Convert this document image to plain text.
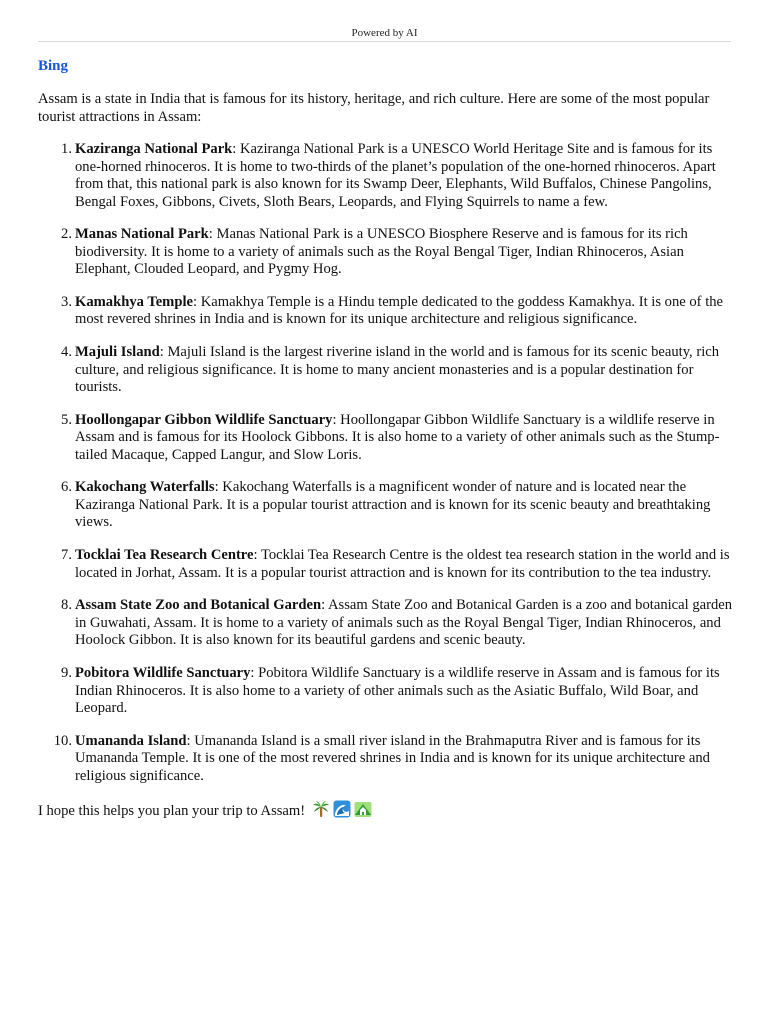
Powered by AI
Bing

Assam is a state in India that is famous for its history, heritage, and rich culture. Here are some of the most popular tourist attractions in Assam:

1. Kaziranga National Park: Kaziranga National Park is a UNESCO World Heritage Site and is famous for its one-horned rhinoceros. It is home to two-thirds of the planet’s population of the one-horned rhinoceros. Apart from that, this national park is also known for its Swamp Deer, Elephants, Wild Buffalos, Chinese Pangolins, Bengal Foxes, Gibbons, Civets, Sloth Bears, Leopards, and Flying Squirrels to name a few.
2. Manas National Park: Manas National Park is a UNESCO Biosphere Reserve and is famous for its rich biodiversity. It is home to a variety of animals such as the Royal Bengal Tiger, Indian Rhinoceros, Asian Elephant, Clouded Leopard, and Pygmy Hog.
3. Kamakhya Temple: Kamakhya Temple is a Hindu temple dedicated to the goddess Kamakhya. It is one of the most revered shrines in India and is known for its unique architecture and religious significance.
4. Majuli Island: Majuli Island is the largest riverine island in the world and is famous for its scenic beauty, rich culture, and religious significance. It is home to many ancient monasteries and is a popular destination for tourists.
5. Hoollongapar Gibbon Wildlife Sanctuary: Hoollongapar Gibbon Wildlife Sanctuary is a wildlife reserve in Assam and is famous for its Hoolock Gibbons. It is also home to a variety of other animals such as the Stump-tailed Macaque, Capped Langur, and Slow Loris.
6. Kakochang Waterfalls: Kakochang Waterfalls is a magnificent wonder of nature and is located near the Kaziranga National Park. It is a popular tourist attraction and is known for its scenic beauty and breathtaking views.
7. Tocklai Tea Research Centre: Tocklai Tea Research Centre is the oldest tea research station in the world and is located in Jorhat, Assam. It is a popular tourist attraction and is known for its contribution to the tea industry.
8. Assam State Zoo and Botanical Garden: Assam State Zoo and Botanical Garden is a zoo and botanical garden in Guwahati, Assam. It is home to a variety of animals such as the Royal Bengal Tiger, Indian Rhinoceros, and Hoolock Gibbon. It is also known for its beautiful gardens and scenic beauty.
9. Pobitora Wildlife Sanctuary: Pobitora Wildlife Sanctuary is a wildlife reserve in Assam and is famous for its Indian Rhinoceros. It is also home to a variety of other animals such as the Asiatic Buffalo, Wild Boar, and Leopard.
10. Umananda Island: Umananda Island is a small river island in the Brahmaputra River and is famous for its Umananda Temple. It is one of the most revered shrines in India and is known for its unique architecture and religious significance.

I hope this helps you plan your trip to Assam!
